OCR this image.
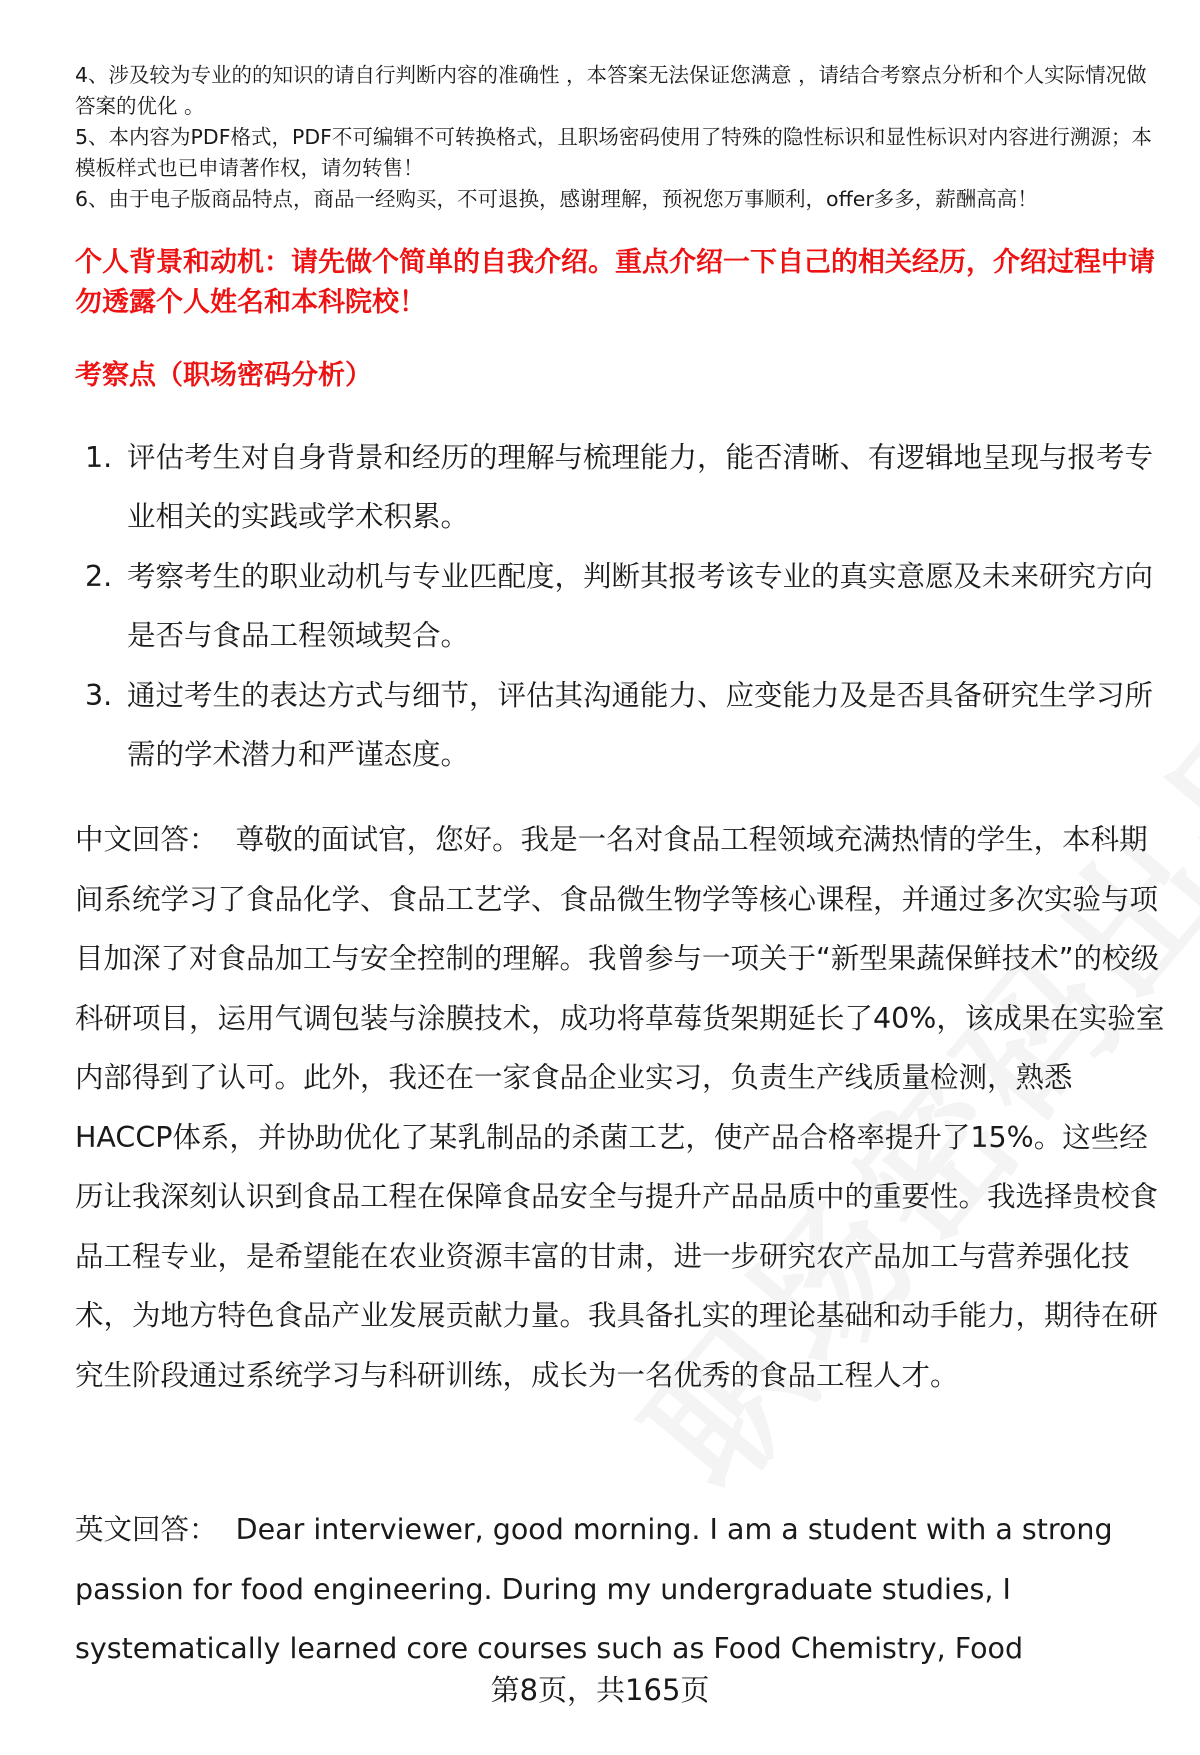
4、涉及较为专业的的知识的请自行判断内容的准确性 ，本答案无法保证您满意 ，请结合考察点分析和个人实际情况做答案的优化 。

5、本内容为PDF格式，PDF不可编辑不可转换格式，且职场密码使用了特殊的隐性标识和显性标识对内容进行溯源；本模板样式也已申请著作权，请勿转售！

6、由于电子版商品特点，商品一经购买，不可退换，感谢理解，预祝您万事顺利，offer多多，薪酬高高！

个人背景和动机：请先做个简单的自我介绍。重点介绍一下自己的相关经历，介绍过程中请勿透露个人姓名和本科院校！
考察点（职场密码分析）
1. 评估考生对自身背景和经历的理解与梳理能力，能否清晰、有逻辑地呈现与报考专业相关的实践或学术积累。
2. 考察考生的职业动机与专业匹配度，判断其报考该专业的真实意愿及未来研究方向是否与食品工程领域契合。
3. 通过考生的表达方式与细节，评估其沟通能力、应变能力及是否具备研究生学习所需的学术潜力和严谨态度。

中文回答： 尊敬的面试官，您好。我是一名对食品工程领域充满热情的学生，本科期间系统学习了食品化学、食品工艺学、食品微生物学等核心课程，并通过多次实验与项目加深了对食品加工与安全控制的理解。我曾参与一项关于“新型果蔬保鲜技术”的校级科研项目，运用气调包装与涂膜技术，成功将草莓货架期延长了40%，该成果在实验室内部得到了认可。此外，我还在一家食品企业实习，负责生产线质量检测，熟悉HACCP体系，并协助优化了某乳制品的杀菌工艺，使产品合格率提升了15%。这些经历让我深刻认识到食品工程在保障食品安全与提升产品品质中的重要性。我选择贵校食品工程专业，是希望能在农业资源丰富的甘肃，进一步研究农产品加工与营养强化技术，为地方特色食品产业发展贡献力量。我具备扎实的理论基础和动手能力，期待在研究生阶段通过系统学习与科研训练，成长为一名优秀的食品工程人才。

英文回答： Dear interviewer, good morning. I am a student with a strong passion for food engineering. During my undergraduate studies, I systematically learned core courses such as Food Chemistry, Food

第8页，共165页
